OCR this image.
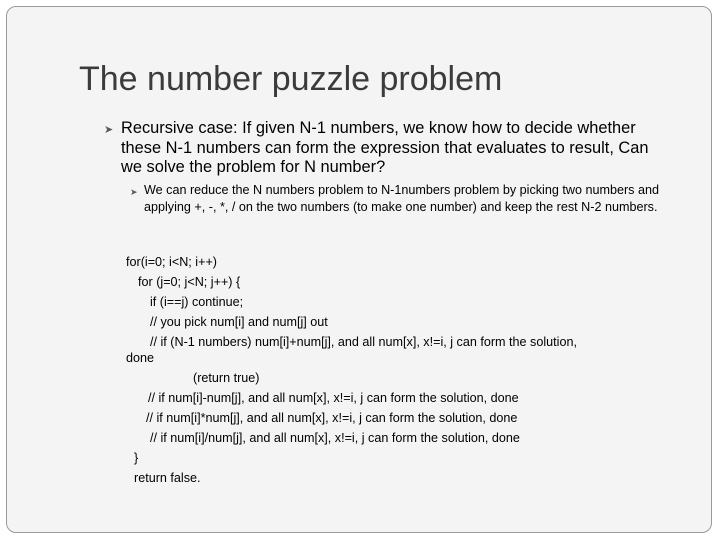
The number puzzle problem
➤ Recursive case: If given N-1 numbers, we know how to decide whether these N-1 numbers can form the expression that evaluates to result, Can we solve the problem for N number?
➤ We can reduce the N numbers problem to N-1numbers problem by picking two numbers and applying +, -, *, / on the two numbers (to make one number) and keep the rest N-2 numbers.
for(i=0; i<N; i++)
for (j=0; j<N; j++) {
if (i==j) continue;
// you pick num[i] and num[j] out
// if (N-1 numbers) num[i]+num[j], and all num[x], x!=i, j can form the solution,
done
(return true)
// if num[i]-num[j], and all num[x], x!=i, j can form the solution, done
// if num[i]*num[j], and all num[x], x!=i, j can form the solution, done
// if num[i]/num[j], and all num[x], x!=i, j can form the solution, done
}
return false.
